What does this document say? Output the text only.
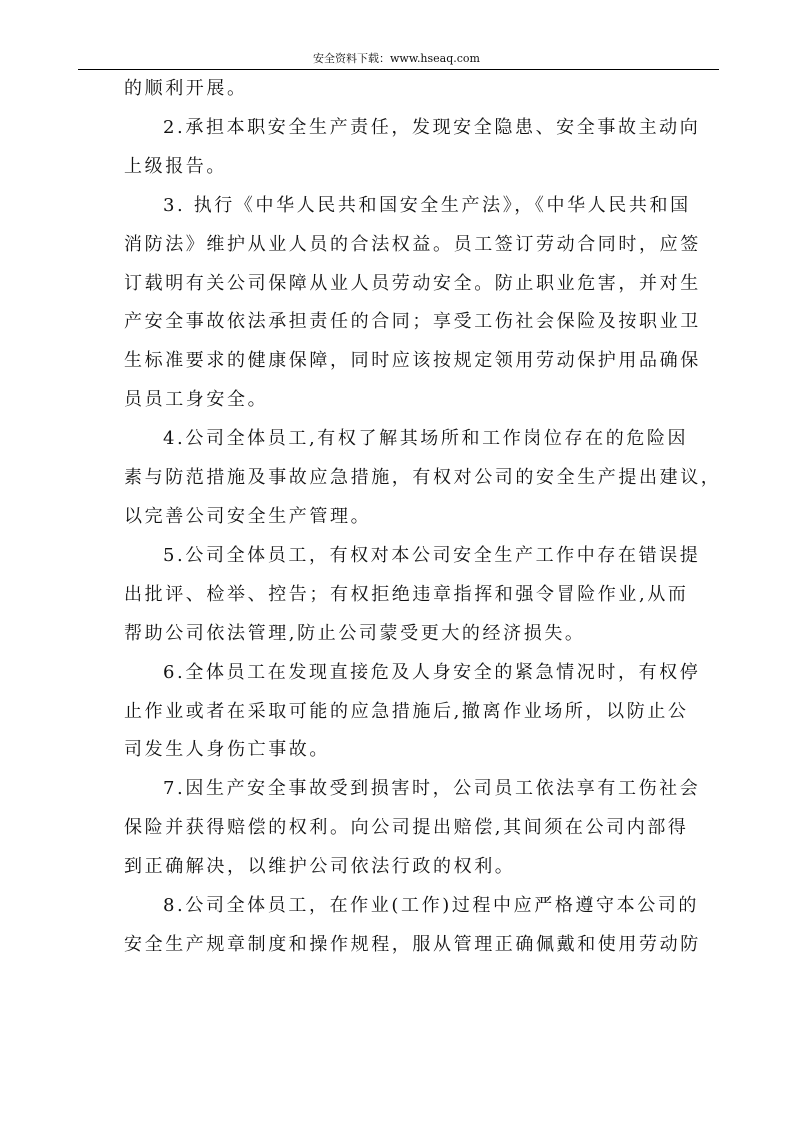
安全资料下载：www.hseaq.com
的顺利开展。
2.承担本职安全生产责任，发现安全隐患、安全事故主动向
上级报告。
3. 执行《中华人民共和国安全生产法》，《中华人民共和国
消防法》维护从业人员的合法权益。员工签订劳动合同时，应签
订载明有关公司保障从业人员劳动安全。防止职业危害，并对生
产安全事故依法承担责任的合同；享受工伤社会保险及按职业卫
生标准要求的健康保障，同时应该按规定领用劳动保护用品确保
员员工身安全。
4.公司全体员工,有权了解其场所和工作岗位存在的危险因
素与防范措施及事故应急措施，有权对公司的安全生产提出建议，
以完善公司安全生产管理。
5.公司全体员工，有权对本公司安全生产工作中存在错误提
出批评、检举、控告；有权拒绝违章指挥和强令冒险作业,从而
帮助公司依法管理,防止公司蒙受更大的经济损失。
6.全体员工在发现直接危及人身安全的紧急情况时，有权停
止作业或者在采取可能的应急措施后,撤离作业场所，以防止公
司发生人身伤亡事故。
7.因生产安全事故受到损害时，公司员工依法享有工伤社会
保险并获得赔偿的权利。向公司提出赔偿,其间须在公司内部得
到正确解决，以维护公司依法行政的权利。
8.公司全体员工，在作业(工作)过程中应严格遵守本公司的
安全生产规章制度和操作规程，服从管理正确佩戴和使用劳动防
